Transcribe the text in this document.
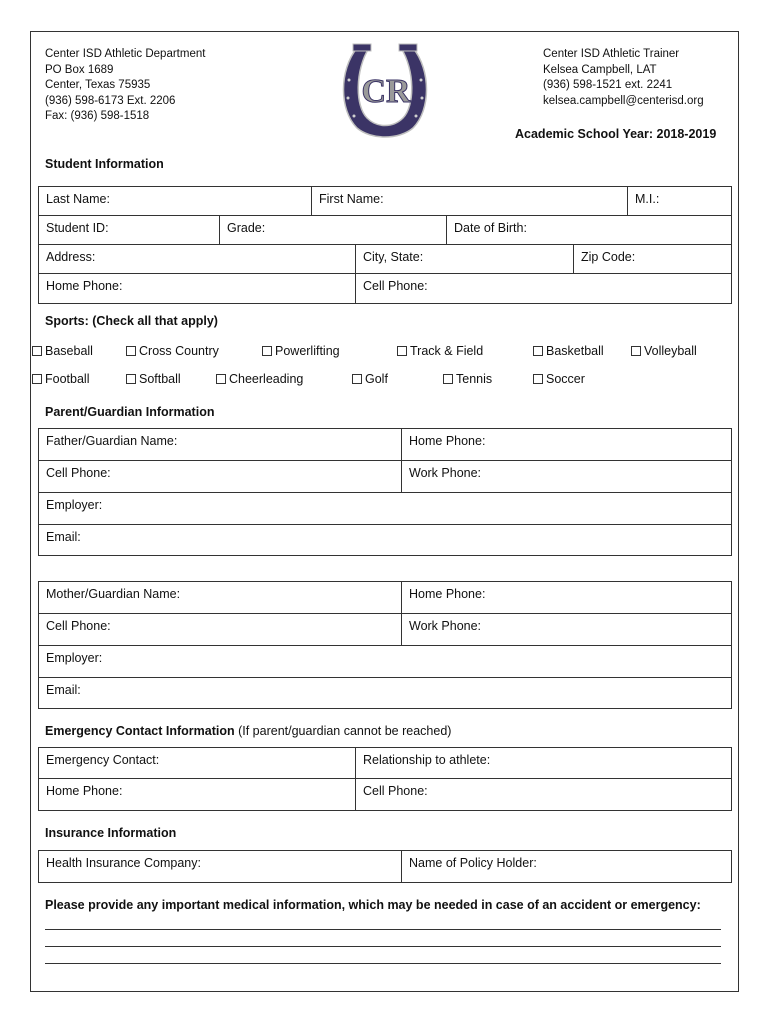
Center ISD Athletic Department
PO Box 1689
Center, Texas 75935
(936) 598-6173 Ext. 2206
Fax: (936) 598-1518
CR
Center ISD Athletic Trainer
Kelsea Campbell, LAT
(936) 598-1521 ext. 2241
kelsea.campbell@centerisd.org
Academic School Year: 2018-2019
Student Information
Last Name:	First Name:	M.I.:
Student ID:	Grade:	Date of Birth:
Address:	City, State:	Zip Code:
Home Phone:	Cell Phone:
Sports: (Check all that apply)
Baseball	Cross Country	Powerlifting	Track & Field	Basketball	Volleyball
Football	Softball	Cheerleading	Golf	Tennis	Soccer
Parent/Guardian Information
Father/Guardian Name:	Home Phone:
Cell Phone:	Work Phone:
Employer:
Email:
Mother/Guardian Name:	Home Phone:
Cell Phone:	Work Phone:
Employer:
Email:
Emergency Contact Information (If parent/guardian cannot be reached)
Emergency Contact:	Relationship to athlete:
Home Phone:	Cell Phone:
Insurance Information
Health Insurance Company:	Name of Policy Holder:
Please provide any important medical information, which may be needed in case of an accident or emergency:
